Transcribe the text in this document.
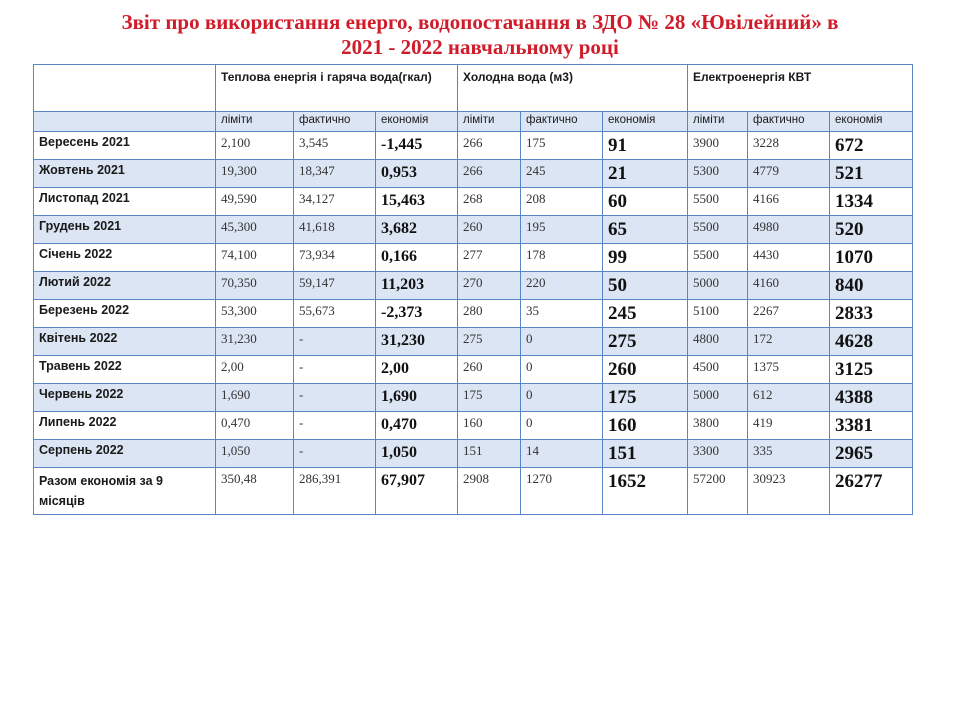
Звіт про використання енерго, водопостачання в ЗДО № 28 «Ювілейний» в
2021 - 2022 навчальному році
	Теплова енергія і гаряча вода(гкал)			Холодна вода (м3)			Електроенергія КВТ		
	ліміти	фактично	економія	ліміти	фактично	економія	ліміти	фактично	економія
Вересень 2021	2,100	3,545	-1,445	266	175	91	3900	3228	672
Жовтень 2021	19,300	18,347	0,953	266	245	21	5300	4779	521
Листопад 2021	49,590	34,127	15,463	268	208	60	5500	4166	1334
Грудень 2021	45,300	41,618	3,682	260	195	65	5500	4980	520
Січень 2022	74,100	73,934	0,166	277	178	99	5500	4430	1070
Лютий 2022	70,350	59,147	11,203	270	220	50	5000	4160	840
Березень 2022	53,300	55,673	-2,373	280	35	245	5100	2267	2833
Квітень 2022	31,230	-	31,230	275	0	275	4800	172	4628
Травень 2022	2,00	-	2,00	260	0	260	4500	1375	3125
Червень 2022	1,690	-	1,690	175	0	175	5000	612	4388
Липень 2022	0,470	-	0,470	160	0	160	3800	419	3381
Серпень 2022	1,050	-	1,050	151	14	151	3300	335	2965
Разом економія за 9 місяців	350,48	286,391	67,907	2908	1270	1652	57200	30923	26277
